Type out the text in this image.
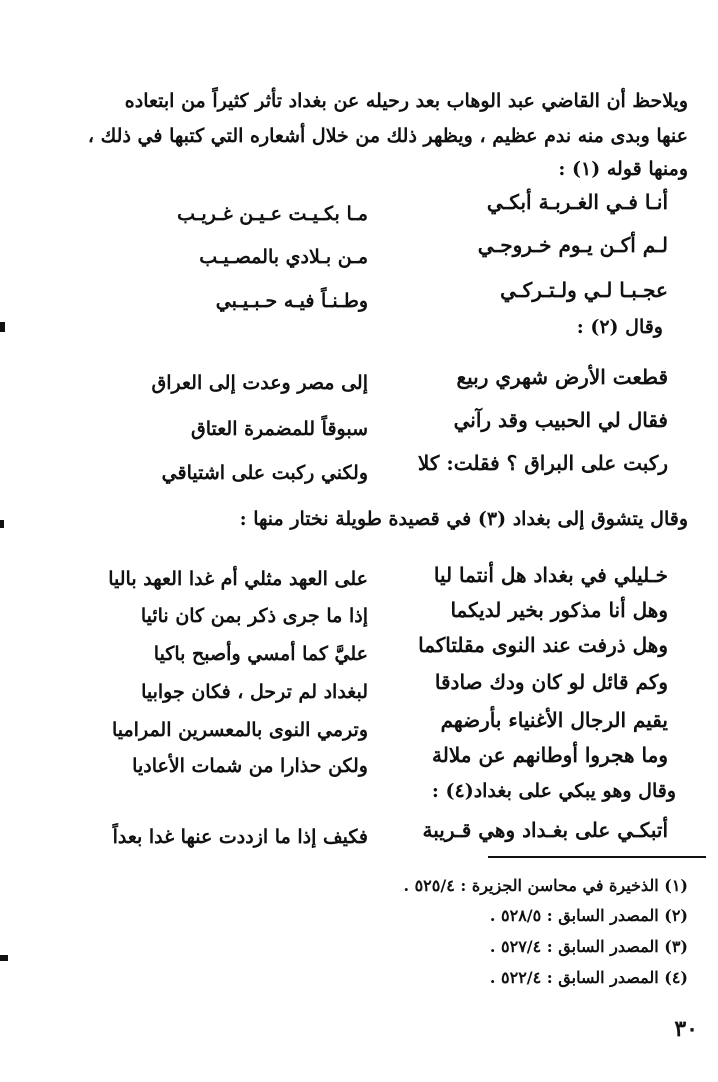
ويلاحظ أن القاضي عبد الوهاب بعد رحيله عن بغداد تأثر كثيراً من ابتعاده
عنها وبدى منه ندم عظيم ، ويظهر ذلك من خلال أشعاره التي كتبها في ذلك ،
ومنها قوله (١) :
أنـا فـي الغـربـة أبكـي
مـا بكـيـت عـيـن غـريـب
لـم أكـن يـوم خـروجـي
مـن بـلادي بالمصـيـب
عجـبـا لـي ولـتـركـي
وطـنـاً فيـه حـبـيـبي
وقال (٢) :
قطعت الأرض شهري ربيع
إلى مصر وعدت إلى العراق
فقال لي الحبيب وقد رآني
سبوقاً للمضمرة العتاق
ركبت على البراق ؟ فقلت: كلا
ولكني ركبت على اشتياقي
وقال يتشوق إلى بغداد (٣) في قصيدة طويلة نختار منها :
خـليلي في بغداد هل أنتما ليا
على العهد مثلي أم غدا العهد باليا
وهل أنا مذكور بخير لديكما
إذا ما جرى ذكر بمن كان نائيا
وهل ذرفت عند النوى مقلتاكما
عليَّ كما أمسي وأصبح باكيا
وكم قائل لو كان ودك صادقا
لبغداد لم ترحل ، فكان جوابيا
يقيم الرجال الأغنياء بأرضهم
وترمي النوى بالمعسرين المراميا
وما هجروا أوطانهم عن ملالة
ولكن حذارا من شمات الأعاديا
وقال وهو يبكي على بغداد(٤) :
أتبكـي على بغـداد وهي قـريبة
فكيف إذا ما ازددت عنها غدا بعداً
(١) الذخيرة في محاسن الجزيرة : ٥٢٥/٤ .
(٢) المصدر السابق : ٥٢٨/٥ .
(٣) المصدر السابق : ٥٢٧/٤ .
(٤) المصدر السابق : ٥٢٢/٤ .
٣٠
